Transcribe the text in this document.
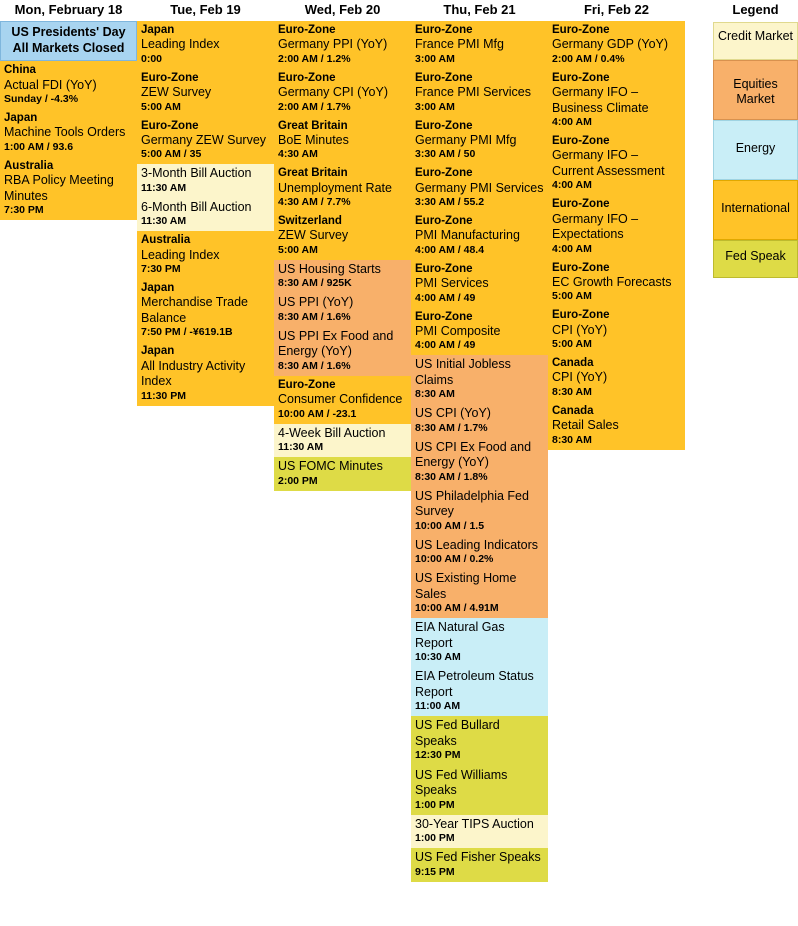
Mon, February 18	Tue, Feb 19	Wed, Feb 20	Thu, Feb 21	Fri, Feb 22

US Presidents' Day
All Markets Closed
China
Actual FDI (YoY)
Sunday / -4.3%
Japan
Machine Tools Orders
1:00 AM / 93.6
Australia
RBA Policy Meeting Minutes
7:30 PM

Japan
Leading Index
0:00
Euro-Zone
ZEW Survey
5:00 AM
Euro-Zone
Germany ZEW Survey
5:00 AM / 35
3-Month Bill Auction
11:30 AM
6-Month Bill Auction
11:30 AM
Australia
Leading Index
7:30 PM
Japan
Merchandise Trade Balance
7:50 PM / -¥619.1B
Japan
All Industry Activity Index
11:30 PM

Euro-Zone
Germany PPI (YoY)
2:00 AM / 1.2%
Euro-Zone
Germany CPI (YoY)
2:00 AM / 1.7%
Great Britain
BoE Minutes
4:30 AM
Great Britain
Unemployment Rate
4:30 AM / 7.7%
Switzerland
ZEW Survey
5:00 AM
US Housing Starts
8:30 AM / 925K
US PPI (YoY)
8:30 AM / 1.6%
US PPI Ex Food and Energy (YoY)
8:30 AM / 1.6%
Euro-Zone
Consumer Confidence
10:00 AM / -23.1
4-Week Bill Auction
11:30 AM
US FOMC Minutes
2:00 PM

Euro-Zone
France PMI Mfg
3:00 AM
Euro-Zone
France PMI Services
3:00 AM
Euro-Zone
Germany PMI Mfg
3:30 AM / 50
Euro-Zone
Germany PMI Services
3:30 AM / 55.2
Euro-Zone
PMI Manufacturing
4:00 AM / 48.4
Euro-Zone
PMI Services
4:00 AM / 49
Euro-Zone
PMI Composite
4:00 AM / 49
US Initial Jobless Claims
8:30 AM
US CPI (YoY)
8:30 AM / 1.7%
US CPI Ex Food and Energy (YoY)
8:30 AM / 1.8%
US Philadelphia Fed Survey
10:00 AM / 1.5
US Leading Indicators
10:00 AM / 0.2%
US Existing Home Sales
10:00 AM / 4.91M
EIA Natural Gas Report
10:30 AM
EIA Petroleum Status Report
11:00 AM
US Fed Bullard Speaks
12:30 PM
US Fed Williams Speaks
1:00 PM
30-Year TIPS Auction
1:00 PM
US Fed Fisher Speaks
9:15 PM

Euro-Zone
Germany GDP (YoY)
2:00 AM / 0.4%
Euro-Zone
Germany IFO – Business Climate
4:00 AM
Euro-Zone
Germany IFO – Current Assessment
4:00 AM
Euro-Zone
Germany IFO – Expectations
4:00 AM
Euro-Zone
EC Growth Forecasts
5:00 AM
Euro-Zone
CPI (YoY)
5:00 AM
Canada
CPI (YoY)
8:30 AM
Canada
Retail Sales
8:30 AM
Legend
Credit Market
Equities Market
Energy
International
Fed Speak
